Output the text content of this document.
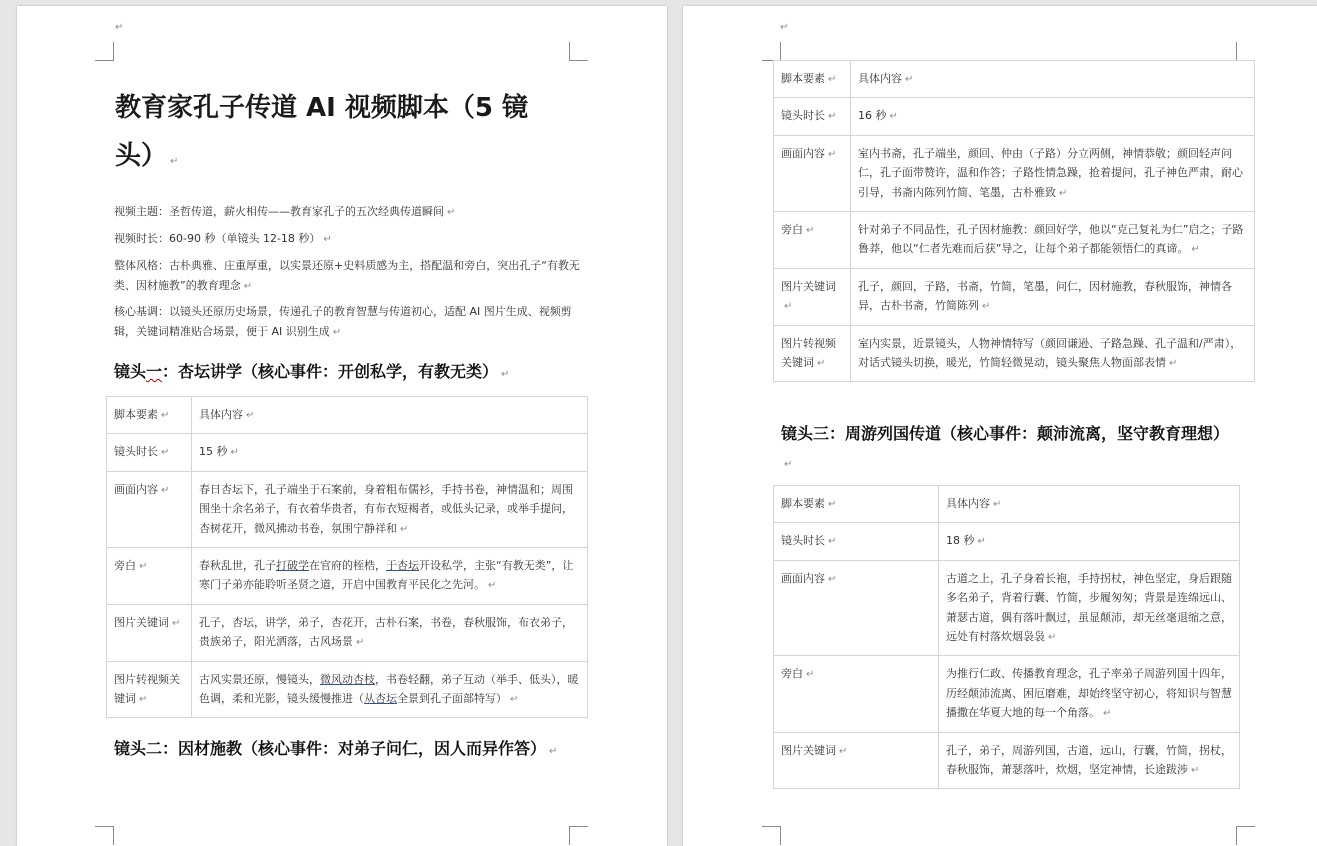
↵
教育家孔子传道 AI 视频脚本（5 镜头） ↵

视频主题：圣哲传道，薪火相传——教育家孔子的五次经典传道瞬间 ↵

视频时长：60-90 秒（单镜头 12-18 秒） ↵

整体风格：古朴典雅、庄重厚重，以实景还原+史料质感为主，搭配温和旁白，突出孔子“有教无类、因材施教”的教育理念 ↵

核心基调：以镜头还原历史场景，传递孔子的教育智慧与传道初心，适配 AI 图片生成、视频剪辑，关键词精准贴合场景，便于 AI 识别生成 ↵

镜头一：杏坛讲学（核心事件：开创私学，有教无类） ↵
脚本要素 ↵	具体内容 ↵
镜头时长 ↵	15 秒 ↵
画面内容 ↵	春日杏坛下，孔子端坐于石案前，身着粗布儒衫，手持书卷，神情温和；周围围坐十余名弟子，有衣着华贵者，有布衣短褐者，或低头记录，或举手提问，杏树花开，微风拂动书卷，氛围宁静祥和 ↵
旁白 ↵	春秋乱世，孔子打破学在官府的桎梏，于杏坛开设私学，主张“有教无类”，让寒门子弟亦能聆听圣贤之道，开启中国教育平民化之先河。 ↵
图片关键词 ↵	孔子，杏坛，讲学，弟子，杏花开，古朴石案，书卷，春秋服饰，布衣弟子，贵族弟子，阳光洒落，古风场景 ↵
图片转视频关键词 ↵	古风实景还原，慢镜头，微风动杏枝，书卷轻翻，弟子互动（举手、低头），暖色调，柔和光影，镜头缓慢推进（从杏坛全景到孔子面部特写） ↵
镜头二：因材施教（核心事件：对弟子问仁，因人而异作答） ↵
↵
脚本要素 ↵	具体内容 ↵
镜头时长 ↵	16 秒 ↵
画面内容 ↵	室内书斋，孔子端坐，颜回、仲由（子路）分立两侧，神情恭敬；颜回轻声问仁，孔子面带赞许，温和作答；子路性情急躁，抢着提问，孔子神色严肃，耐心引导，书斋内陈列竹简、笔墨，古朴雅致 ↵
旁白 ↵	针对弟子不同品性，孔子因材施教：颜回好学，他以“克己复礼为仁”启之；子路鲁莽，他以“仁者先难而后获”导之，让每个弟子都能领悟仁的真谛。 ↵
图片关键词↵	孔子，颜回，子路，书斋，竹简，笔墨，问仁，因材施教，春秋服饰，神情各异，古朴书斋，竹简陈列 ↵
图片转视频关键词 ↵	室内实景，近景镜头，人物神情特写（颜回谦逊、子路急躁、孔子温和/严肃），对话式镜头切换，暖光，竹简轻微晃动，镜头聚焦人物面部表情 ↵
镜头三：周游列国传道（核心事件：颠沛流离，坚守教育理想）↵
脚本要素 ↵	具体内容 ↵
镜头时长 ↵	18 秒 ↵
画面内容 ↵	古道之上，孔子身着长袍，手持拐杖，神色坚定，身后跟随多名弟子，背着行囊、竹简，步履匆匆；背景是连绵远山、萧瑟古道，偶有落叶飘过，虽显颠沛，却无丝毫退缩之意，远处有村落炊烟袅袅 ↵
旁白 ↵	为推行仁政、传播教育理念，孔子率弟子周游列国十四年，历经颠沛流离、困厄磨难，却始终坚守初心，将知识与智慧播撒在华夏大地的每一个角落。 ↵
图片关键词 ↵	孔子，弟子，周游列国，古道，远山，行囊，竹简，拐杖，春秋服饰，萧瑟落叶，炊烟，坚定神情，长途跋涉 ↵
